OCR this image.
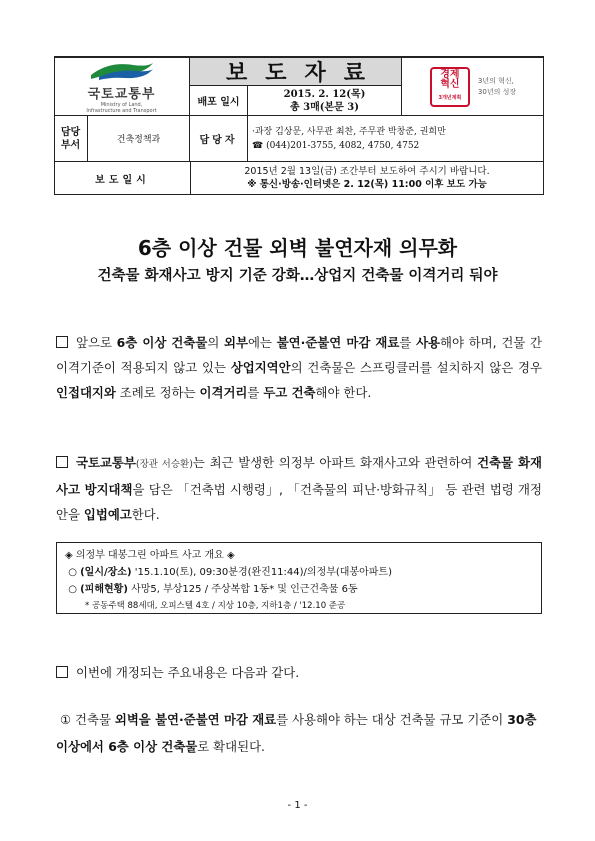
국토교통부
Ministry of Land,
Infrastructure and Transport
보도자료
배포 일시
2015. 2. 12(목)
총 3매(본문 3)
경제
혁신
3개년계획
3년의 혁신,
30년의 성장
담당
부서	건축정책과	담당자
·과장 김상문, 사무관 최찬, 주무관 박창준, 권희만
☎ (044)201-3755, 4082, 4750, 4752
보도일시
2015년 2월 13일(금) 조간부터 보도하여 주시기 바랍니다.
※ 통신·방송·인터넷은 2. 12(목) 11:00 이후 보도 가능
6층 이상 건물 외벽 불연자재 의무화
건축물 화재사고 방지 기준 강화…상업지 건축물 이격거리 둬야
앞으로 6층 이상 건축물의 외부에는 불연·준불연 마감 재료를 사용해야 하며, 건물 간 이격기준이 적용되지 않고 있는 상업지역안의 건축물은 스프링클러를 설치하지 않은 경우 인접대지와 조례로 정하는 이격거리를 두고 건축해야 한다.
국토교통부(장관 서승환)는 최근 발생한 의정부 아파트 화재사고와 관련하여 건축물 화재사고 방지대책을 담은 「건축법 시행령」, 「건축물의 피난·방화규칙」 등 관련 법령 개정안을 입법예고한다.
◈ 의정부 대봉그린 아파트 사고 개요 ◈
○ (일시/장소) '15.1.10(토), 09:30분경(완진11:44)/의정부(대봉아파트)
○ (피해현황) 사망5, 부상125 / 주상복합 1동* 및 인근건축물 6동
* 공동주택 88세대, 오피스텔 4호 / 지상 10층, 지하1층 / '12.10 준공
이번에 개정되는 주요내용은 다음과 같다.
① 건축물 외벽을 불연·준불연 마감 재료를 사용해야 하는 대상 건축물 규모 기준이 30층 이상에서 6층 이상 건축물로 확대된다.
- 1 -
